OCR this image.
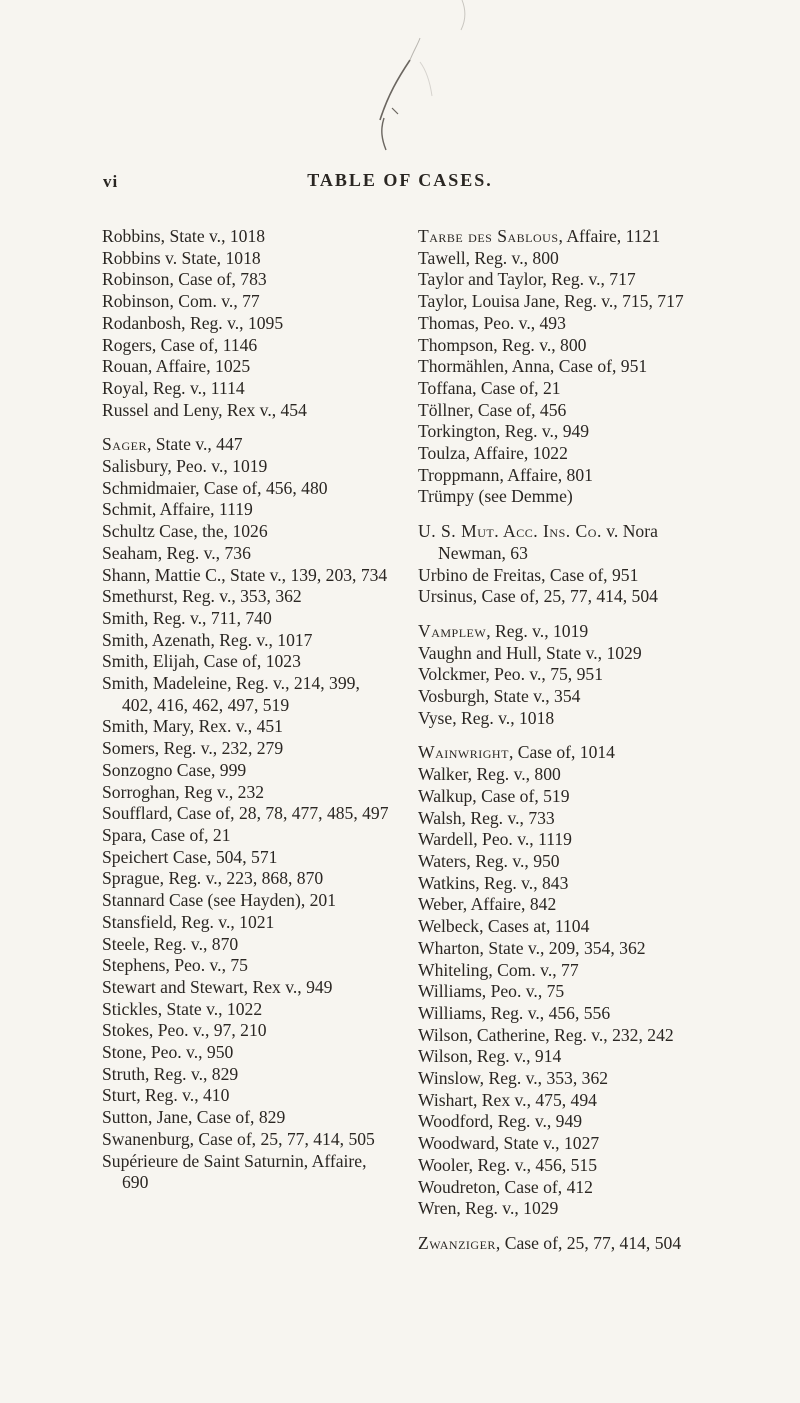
vi	TABLE OF CASES.
Robbins, State v., 1018
Robbins v. State, 1018
Robinson, Case of, 783
Robinson, Com. v., 77
Rodanbosh, Reg. v., 1095
Rogers, Case of, 1146
Rouan, Affaire, 1025
Royal, Reg. v., 1114
Russel and Leny, Rex v., 454
Sager, State v., 447
Salisbury, Peo. v., 1019
Schmidmaier, Case of, 456, 480
Schmit, Affaire, 1119
Schultz Case, the, 1026
Seaham, Reg. v., 736
Shann, Mattie C., State v., 139, 203, 734
Smethurst, Reg. v., 353, 362
Smith, Reg. v., 711, 740
Smith, Azenath, Reg. v., 1017
Smith, Elijah, Case of, 1023
Smith, Madeleine, Reg. v., 214, 399, 402, 416, 462, 497, 519
Smith, Mary, Rex. v., 451
Somers, Reg. v., 232, 279
Sonzogno Case, 999
Sorroghan, Reg v., 232
Soufflard, Case of, 28, 78, 477, 485, 497
Spara, Case of, 21
Speichert Case, 504, 571
Sprague, Reg. v., 223, 868, 870
Stannard Case (see Hayden), 201
Stansfield, Reg. v., 1021
Steele, Reg. v., 870
Stephens, Peo. v., 75
Stewart and Stewart, Rex v., 949
Stickles, State v., 1022
Stokes, Peo. v., 97, 210
Stone, Peo. v., 950
Struth, Reg. v., 829
Sturt, Reg. v., 410
Sutton, Jane, Case of, 829
Swanenburg, Case of, 25, 77, 414, 505
Supérieure de Saint Saturnin, Affaire, 690
Tarbe des Sablous, Affaire, 1121
Tawell, Reg. v., 800
Taylor and Taylor, Reg. v., 717
Taylor, Louisa Jane, Reg. v., 715, 717
Thomas, Peo. v., 493
Thompson, Reg. v., 800
Thormählen, Anna, Case of, 951
Toffana, Case of, 21
Töllner, Case of, 456
Torkington, Reg. v., 949
Toulza, Affaire, 1022
Troppmann, Affaire, 801
Trümpy (see Demme)
U. S. Mut. Acc. Ins. Co. v. Nora Newman, 63
Urbino de Freitas, Case of, 951
Ursinus, Case of, 25, 77, 414, 504
Vamplew, Reg. v., 1019
Vaughn and Hull, State v., 1029
Volckmer, Peo. v., 75, 951
Vosburgh, State v., 354
Vyse, Reg. v., 1018
Wainwright, Case of, 1014
Walker, Reg. v., 800
Walkup, Case of, 519
Walsh, Reg. v., 733
Wardell, Peo. v., 1119
Waters, Reg. v., 950
Watkins, Reg. v., 843
Weber, Affaire, 842
Welbeck, Cases at, 1104
Wharton, State v., 209, 354, 362
Whiteling, Com. v., 77
Williams, Peo. v., 75
Williams, Reg. v., 456, 556
Wilson, Catherine, Reg. v., 232, 242
Wilson, Reg. v., 914
Winslow, Reg. v., 353, 362
Wishart, Rex v., 475, 494
Woodford, Reg. v., 949
Woodward, State v., 1027
Wooler, Reg. v., 456, 515
Woudreton, Case of, 412
Wren, Reg. v., 1029
Zwanziger, Case of, 25, 77, 414, 504
